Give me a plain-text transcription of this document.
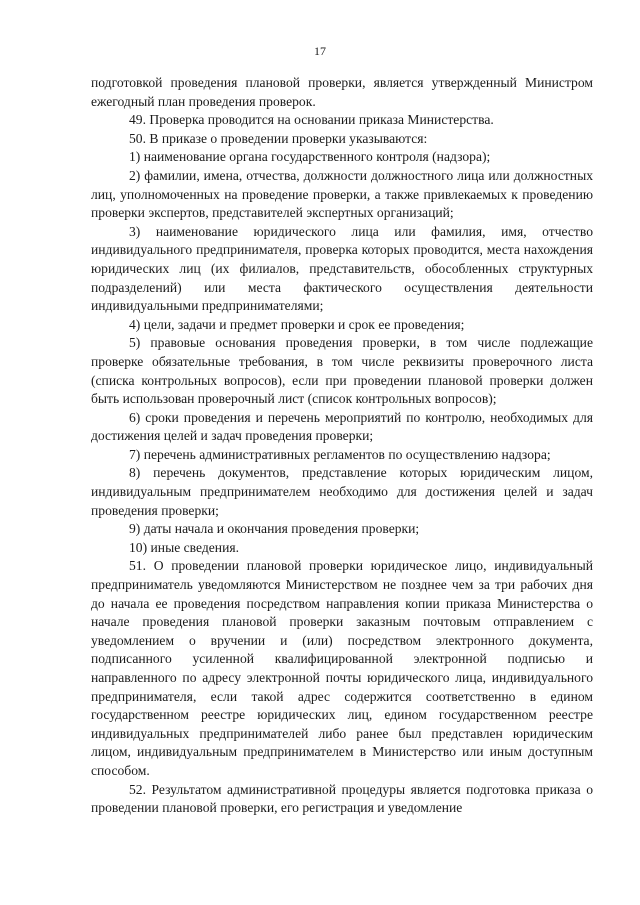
17

подготовкой проведения плановой проверки, является утвержденный Министром ежегодный план проведения проверок.

49. Проверка проводится на основании приказа Министерства.

50. В приказе о проведении проверки указываются:

1) наименование органа государственного контроля (надзора);

2) фамилии, имена, отчества, должности должностного лица или должностных лиц, уполномоченных на проведение проверки, а также привлекаемых к проведению проверки экспертов, представителей экспертных организаций;

3) наименование юридического лица или фамилия, имя, отчество индивидуального предпринимателя, проверка которых проводится, места нахождения юридических лиц (их филиалов, представительств, обособленных структурных подразделений) или места фактического осуществления деятельности индивидуальными предпринимателями;

4) цели, задачи и предмет проверки и срок ее проведения;

5) правовые основания проведения проверки, в том числе подлежащие проверке обязательные требования, в том числе реквизиты проверочного листа (списка контрольных вопросов), если при проведении плановой проверки должен быть использован проверочный лист (список контрольных вопросов);

6) сроки проведения и перечень мероприятий по контролю, необходимых для достижения целей и задач проведения проверки;

7) перечень административных регламентов по осуществлению надзора;

8) перечень документов, представление которых юридическим лицом, индивидуальным предпринимателем необходимо для достижения целей и задач проведения проверки;

9) даты начала и окончания проведения проверки;

10) иные сведения.

51. О проведении плановой проверки юридическое лицо, индивидуальный предприниматель уведомляются Министерством не позднее чем за три рабочих дня до начала ее проведения посредством направления копии приказа Министерства о начале проведения плановой проверки заказным почтовым отправлением с уведомлением о вручении и (или) посредством электронного документа, подписанного усиленной квалифицированной электронной подписью и направленного по адресу электронной почты юридического лица, индивидуального предпринимателя, если такой адрес содержится соответственно в едином государственном реестре юридических лиц, едином государственном реестре индивидуальных предпринимателей либо ранее был представлен юридическим лицом, индивидуальным предпринимателем в Министерство или иным доступным способом.

52. Результатом административной процедуры является подготовка приказа о проведении плановой проверки, его регистрация и уведомление
